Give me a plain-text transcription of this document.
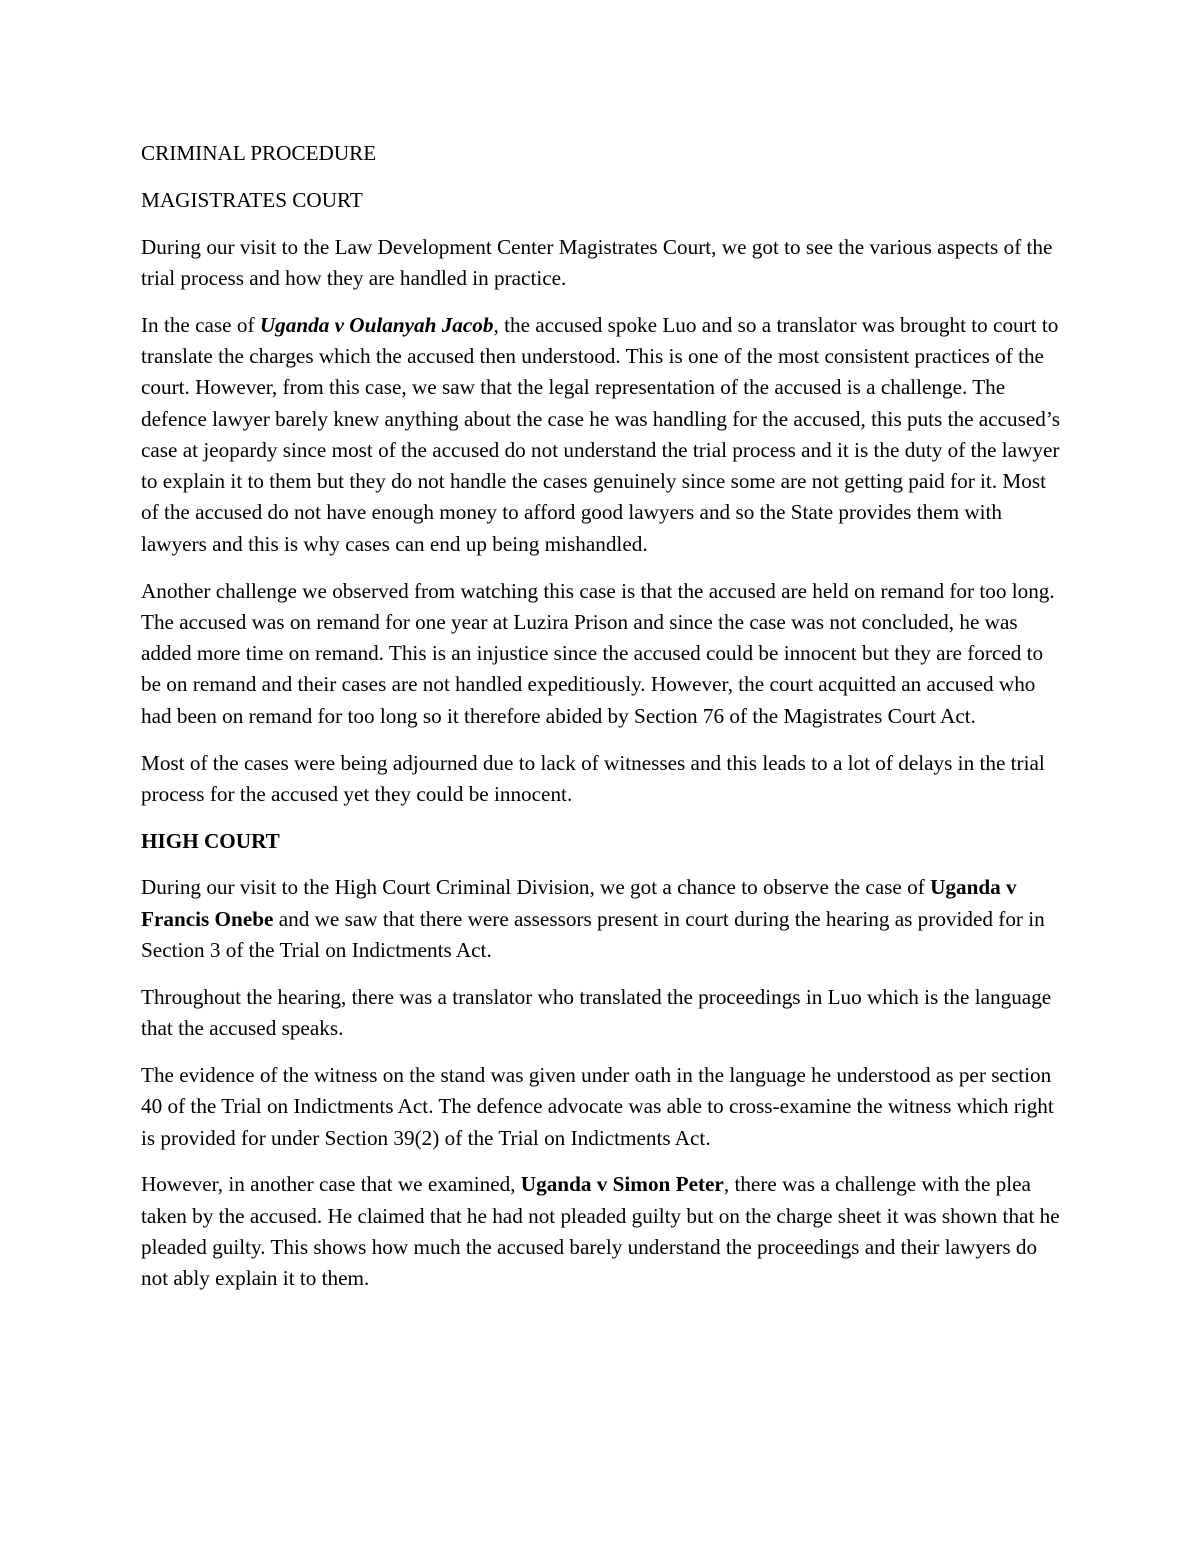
CRIMINAL PROCEDURE

MAGISTRATES COURT

During our visit to the Law Development Center Magistrates Court, we got to see the various aspects of the trial process and how they are handled in practice.

In the case of Uganda v Oulanyah Jacob, the accused spoke Luo and so a translator was brought to court to translate the charges which the accused then understood. This is one of the most consistent practices of the court. However, from this case, we saw that the legal representation of the accused is a challenge. The defence lawyer barely knew anything about the case he was handling for the accused, this puts the accused’s case at jeopardy since most of the accused do not understand the trial process and it is the duty of the lawyer to explain it to them but they do not handle the cases genuinely since some are not getting paid for it. Most of the accused do not have enough money to afford good lawyers and so the State provides them with lawyers and this is why cases can end up being mishandled.

Another challenge we observed from watching this case is that the accused are held on remand for too long. The accused was on remand for one year at Luzira Prison and since the case was not concluded, he was added more time on remand. This is an injustice since the accused could be innocent but they are forced to be on remand and their cases are not handled expeditiously. However, the court acquitted an accused who had been on remand for too long so it therefore abided by Section 76 of the Magistrates Court Act.

Most of the cases were being adjourned due to lack of witnesses and this leads to a lot of delays in the trial process for the accused yet they could be innocent.

HIGH COURT

During our visit to the High Court Criminal Division, we got a chance to observe the case of Uganda v Francis Onebe and we saw that there were assessors present in court during the hearing as provided for in Section 3 of the Trial on Indictments Act.

Throughout the hearing, there was a translator who translated the proceedings in Luo which is the language that the accused speaks.

The evidence of the witness on the stand was given under oath in the language he understood as per section 40 of the Trial on Indictments Act. The defence advocate was able to cross-examine the witness which right is provided for under Section 39(2) of the Trial on Indictments Act.

However, in another case that we examined, Uganda v Simon Peter, there was a challenge with the plea taken by the accused. He claimed that he had not pleaded guilty but on the charge sheet it was shown that he pleaded guilty. This shows how much the accused barely understand the proceedings and their lawyers do not ably explain it to them.
